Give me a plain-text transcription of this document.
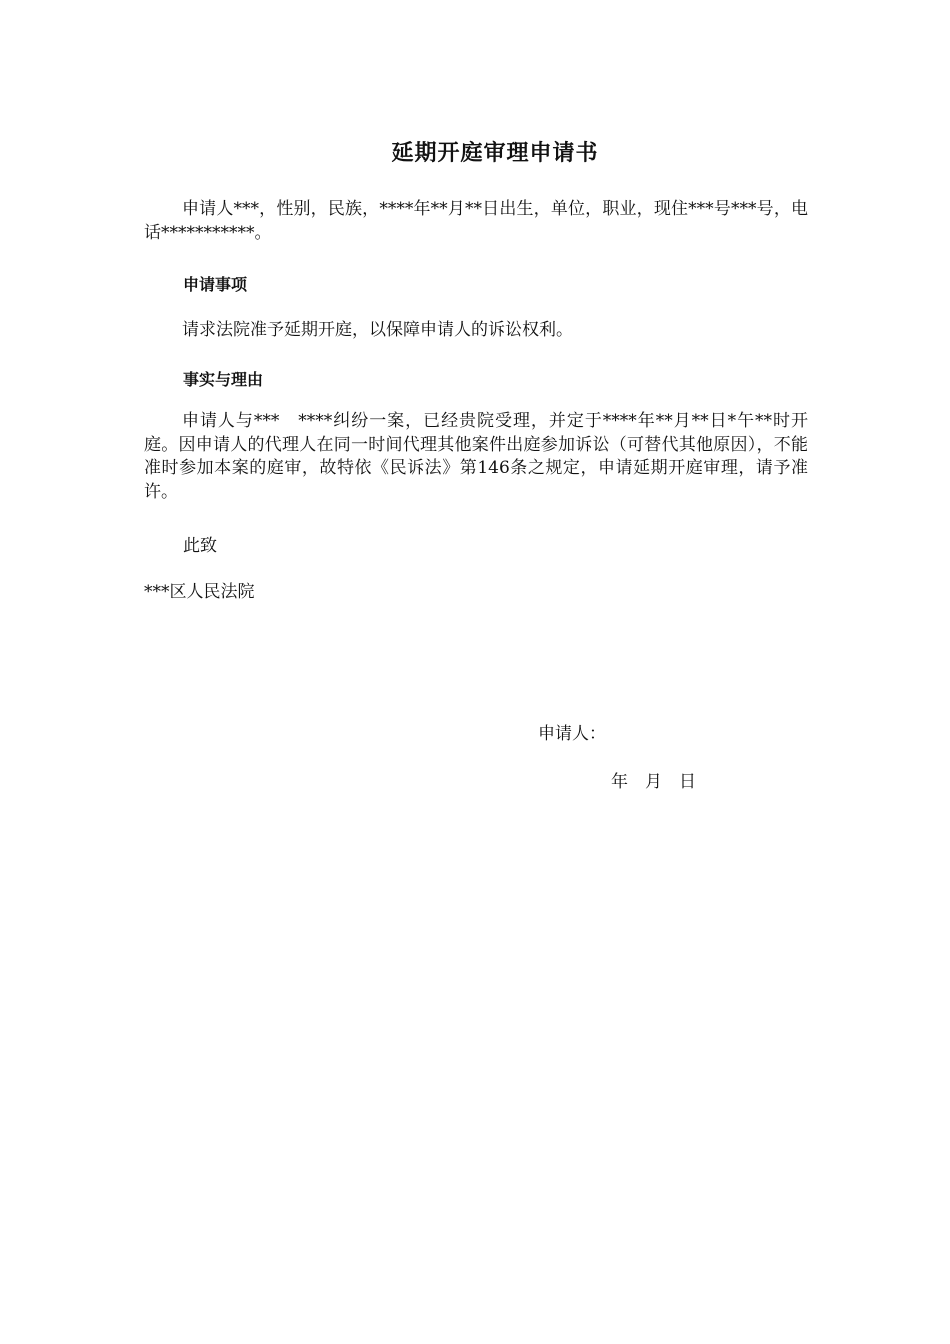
延期开庭审理申请书

申请人***，性别，民族，****年**月**日出生，单位，职业，现住***号***号，电话***********。

申请事项

请求法院准予延期开庭，以保障申请人的诉讼权利。

事实与理由

申请人与***　****纠纷一案，已经贵院受理，并定于****年**月**日*午**时开庭。因申请人的代理人在同一时间代理其他案件出庭参加诉讼（可替代其他原因），不能准时参加本案的庭审，故特依《民诉法》第146条之规定，申请延期开庭审理，请予准许。

此致
***区人民法院
申请人：
年　月　日
